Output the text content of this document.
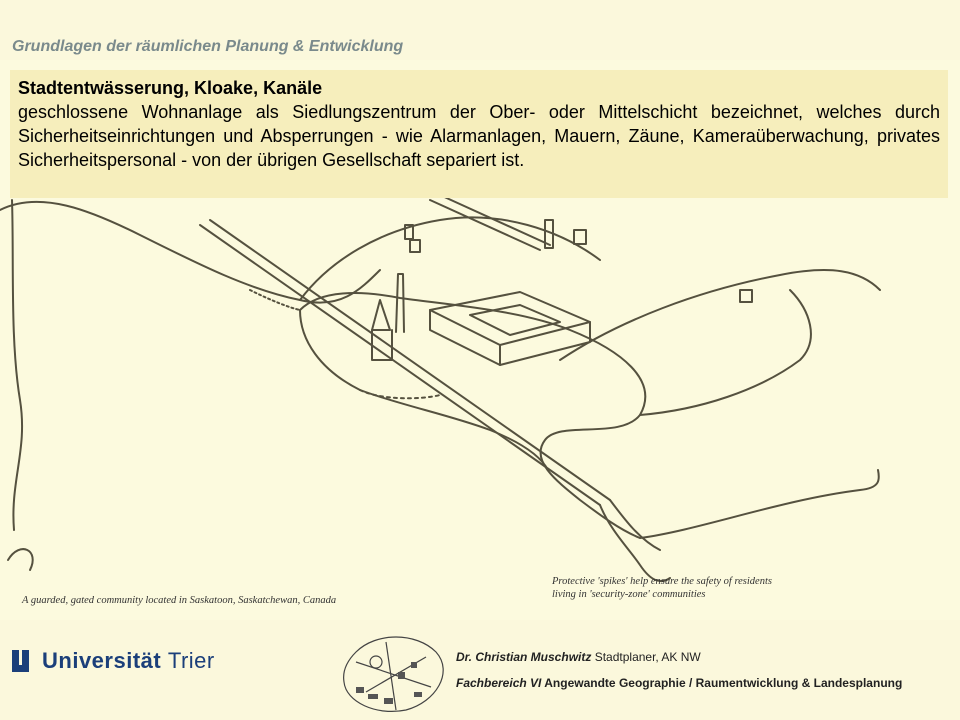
Grundlagen der räumlichen Planung & Entwicklung
Stadtentwässerung, Kloake, Kanäle

geschlossene Wohnanlage als Siedlungszentrum der Ober- oder Mittelschicht bezeichnet, welches durch Sicherheitseinrichtungen und Absperrungen - wie Alarmanlagen, Mauern, Zäune, Kameraüberwachung, privates Sicherheitspersonal - von der übrigen Gesellschaft separiert ist.

A guarded, gated community located in Saskatoon, Saskatchewan, Canada
Protective 'spikes' help ensure the safety of residents
living in 'security-zone' communities
Universität Trier	Dr. Christian Muschwitz Stadtplaner, AK NW
Fachbereich VI Angewandte Geographie / Raumentwicklung & Landesplanung
